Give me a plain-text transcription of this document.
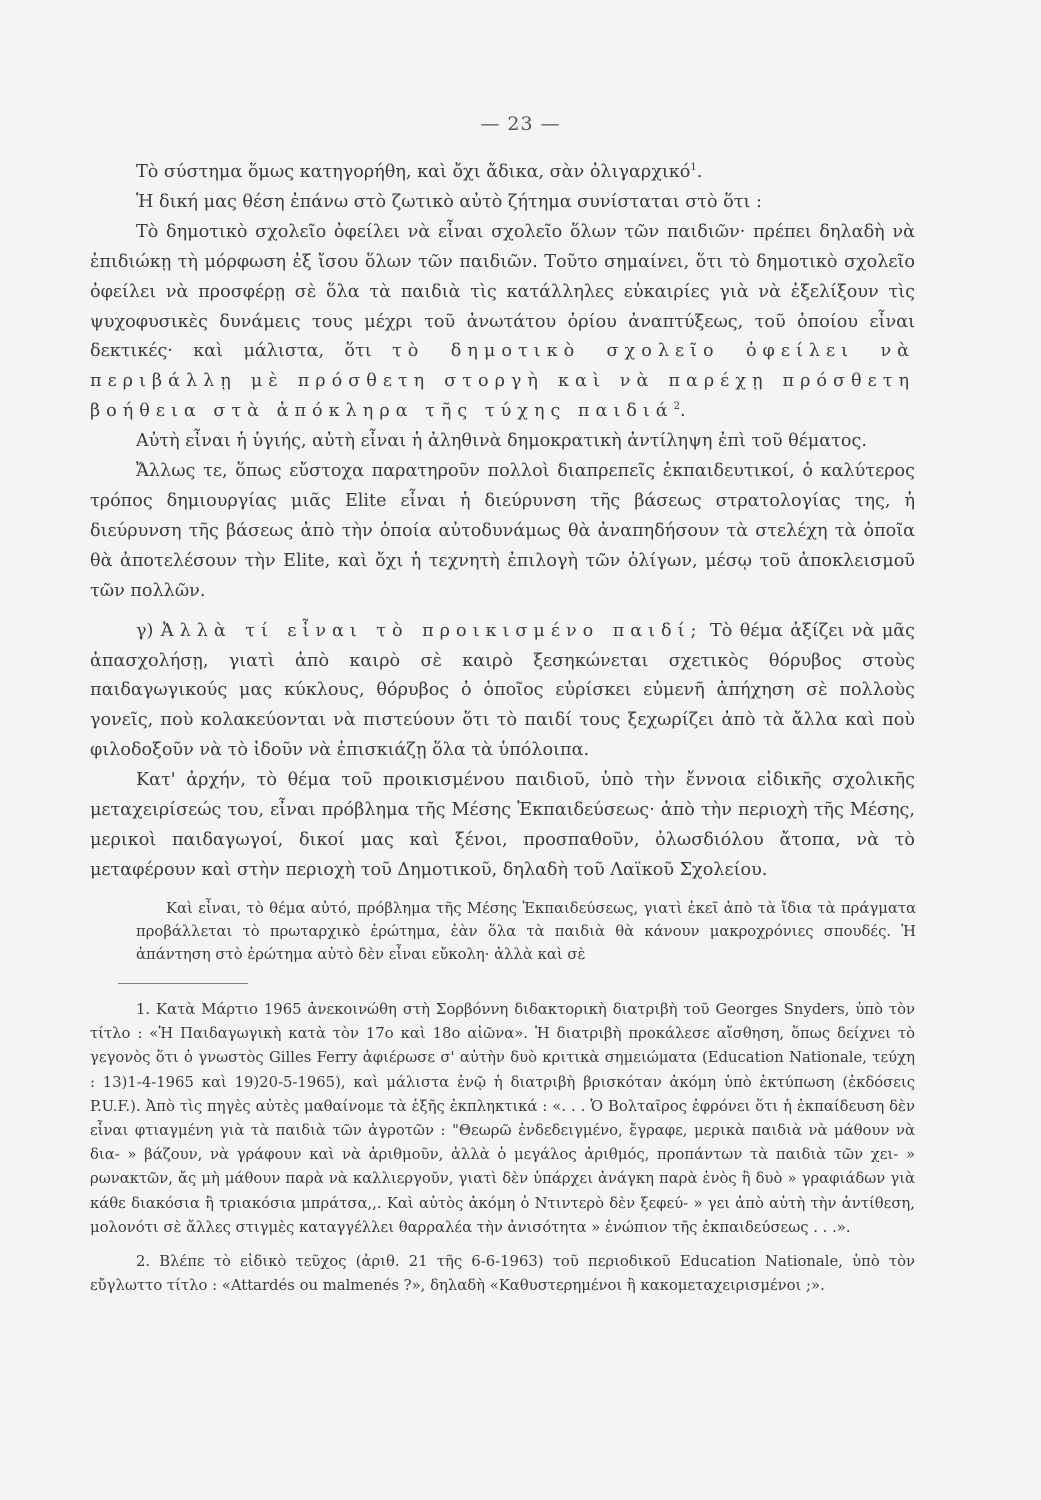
— 23 —

Τὸ σύστημα ὅμως κατηγορήθη, καὶ ὄχι ἄδικα, σὰν ὀλιγαρχικό$^1$.

Ἡ δική μας θέση ἐπάνω στὸ ζωτικὸ αὐτὸ ζήτημα συνίσταται στὸ ὅτι :

Τὸ δημοτικὸ σχολεῖο ὀφείλει νὰ εἶναι σχολεῖο ὅλων τῶν παιδιῶν· πρέπει δηλαδὴ νὰ ἐπιδιώκῃ τὴ μόρφωση ἐξ ἴσου ὅλων τῶν παιδιῶν. Τοῦτο σημαίνει, ὅτι τὸ δημοτικὸ σχολεῖο ὀφείλει νὰ προσφέρῃ σὲ ὅλα τὰ παιδιὰ τὶς κατάλληλες εὐκαιρίες γιὰ νὰ ἐξελίξουν τὶς ψυχοφυσικὲς δυνάμεις τους μέχρι τοῦ ἀνωτάτου ὁρίου ἀναπτύξεως, τοῦ ὁποίου εἶναι δεκτικές· καὶ μάλιστα, ὅτι τὸ δημοτικὸ σχολεῖο ὀφείλει νὰ περιβάλλῃ μὲ πρόσθετη στοργὴ καὶ νὰ παρέχῃ πρόσθετη βοήθεια στὰ ἀπόκληρα τῆς τύχης παιδιά$^2$.

Αὐτὴ εἶναι ἡ ὑγιής, αὐτὴ εἶναι ἡ ἀληθινὰ δημοκρατικὴ ἀντίληψη ἐπὶ τοῦ θέματος.

Ἄλλως τε, ὅπως εὔστοχα παρατηροῦν πολλοὶ διαπρεπεῖς ἐκπαιδευτικοί, ὁ καλύτερος τρόπος δημιουργίας μιᾶς Elite εἶναι ἡ διεύρυνση τῆς βάσεως στρατολογίας της, ἡ διεύρυνση τῆς βάσεως ἀπὸ τὴν ὁποία αὐτοδυνάμως θὰ ἀναπηδήσουν τὰ στελέχη τὰ ὁποῖα θὰ ἀποτελέσουν τὴν Elite, καὶ ὄχι ἡ τεχνητὴ ἐπιλογὴ τῶν ὀλίγων, μέσῳ τοῦ ἀποκλεισμοῦ τῶν πολλῶν.

γ) Ἀλλὰ τί εἶναι τὸ προικισμένο παιδί; Τὸ θέμα ἀξίζει νὰ μᾶς ἀπασχολήσῃ, γιατὶ ἀπὸ καιρὸ σὲ καιρὸ ξεσηκώνεται σχετικὸς θόρυβος στοὺς παιδαγωγικούς μας κύκλους, θόρυβος ὁ ὁποῖος εὑρίσκει εὐμενῆ ἀπήχηση σὲ πολλοὺς γονεῖς, ποὺ κολακεύονται νὰ πιστεύουν ὅτι τὸ παιδί τους ξεχωρίζει ἀπὸ τὰ ἄλλα καὶ ποὺ φιλοδοξοῦν νὰ τὸ ἰδοῦν νὰ ἐπισκιάζῃ ὅλα τὰ ὑπόλοιπα.

Κατ' ἀρχήν, τὸ θέμα τοῦ προικισμένου παιδιοῦ, ὑπὸ τὴν ἔννοια εἰδικῆς σχολικῆς μεταχειρίσεώς του, εἶναι πρόβλημα τῆς Μέσης Ἐκπαιδεύσεως· ἀπὸ τὴν περιοχὴ τῆς Μέσης, μερικοὶ παιδαγωγοί, δικοί μας καὶ ξένοι, προσπαθοῦν, ὀλωσδιόλου ἄτοπα, νὰ τὸ μεταφέρουν καὶ στὴν περιοχὴ τοῦ Δημοτικοῦ, δηλαδὴ τοῦ Λαϊκοῦ Σχολείου.

Καὶ εἶναι, τὸ θέμα αὐτό, πρόβλημα τῆς Μέσης Ἐκπαιδεύσεως, γιατὶ ἐκεῖ ἀπὸ τὰ ἴδια τὰ πράγματα προβάλλεται τὸ πρωταρχικὸ ἐρώτημα, ἐὰν ὅλα τὰ παιδιὰ θὰ κάνουν μακροχρόνιες σπουδές. Ἡ ἀπάντηση στὸ ἐρώτημα αὐτὸ δὲν εἶναι εὔκολη· ἀλλὰ καὶ σὲ

1. Κατὰ Μάρτιο 1965 ἀνεκοινώθη στὴ Σορβόννη διδακτορικὴ διατριβὴ τοῦ Georges Snyders, ὑπὸ τὸν τίτλο : «Ἡ Παιδαγωγικὴ κατὰ τὸν 17ο καὶ 18ο αἰῶνα». Ἡ διατριβὴ προκάλεσε αἴσθηση, ὅπως δείχνει τὸ γεγονὸς ὅτι ὁ γνωστὸς Gilles Ferry ἀφιέρωσε σ' αὐτὴν δυὸ κριτικὰ σημειώματα (Education Nationale, τεύχη : 13)1-4-1965 καὶ 19)20-5-1965), καὶ μάλιστα ἐνῷ ἡ διατριβὴ βρισκόταν ἀκόμη ὑπὸ ἐκτύπωση (ἐκδόσεις P.U.F.). Ἀπὸ τὶς πηγὲς αὐτὲς μαθαίνομε τὰ ἑξῆς ἐκπληκτικά : «. . . Ὁ Βολταῖρος ἐφρόνει ὅτι ἡ ἐκπαίδευση δὲν εἶναι φτιαγμένη γιὰ τὰ παιδιὰ τῶν ἀγροτῶν : "Θεωρῶ ἐνδεδειγμένο, ἔγραφε, μερικὰ παιδιὰ νὰ μάθουν νὰ δια- » βάζουν, νὰ γράφουν καὶ νὰ ἀριθμοῦν, ἀλλὰ ὁ μεγάλος ἀριθμός, προπάντων τὰ παιδιὰ τῶν χει- » ρωνακτῶν, ἄς μὴ μάθουν παρὰ νὰ καλλιεργοῦν, γιατὶ δὲν ὑπάρχει ἀνάγκη παρὰ ἑνὸς ἢ δυὸ » γραφιάδων γιὰ κάθε διακόσια ἢ τριακόσια μπράτσα,,. Καὶ αὐτὸς ἀκόμη ὁ Ντιντερὸ δὲν ξεφεύ- » γει ἀπὸ αὐτὴ τὴν ἀντίθεση, μολονότι σὲ ἄλλες στιγμὲς καταγγέλλει θαρραλέα τὴν ἀνισότητα » ἐνώπιον τῆς ἐκπαιδεύσεως . . .».

2. Βλέπε τὸ εἰδικὸ τεῦχος (ἀριθ. 21 τῆς 6-6-1963) τοῦ περιοδικοῦ Education Nationale, ὑπὸ τὸν εὔγλωττο τίτλο : «Attardés ou malmenés ?», δηλαδὴ «Καθυστερημένοι ἢ κακομεταχειρισμένοι ;».
